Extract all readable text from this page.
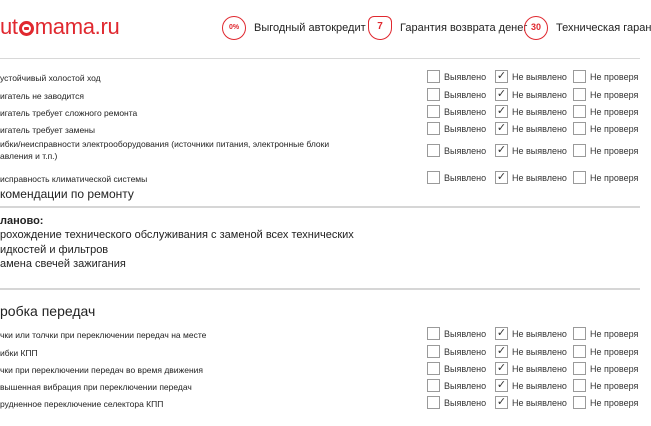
ut mama.ru	0%	Выгодный автокредит	7	Гарантия возврата денег 30	Техническая гаран
устойчивый холостой ход	Выявлено ✓ Не выявлено	Не проверя
игатель не заводится	Выявлено ✓ Не выявлено	Не проверя
игатель требует сложного ремонта	Выявлено ✓ Не выявлено	Не проверя
игатель требует замены	Выявлено ✓ Не выявлено	Не проверя
ибки/неисправности электрооборудования (источники питания, электронные блоки
авления и т.п.)	Выявлено ✓ Не выявлено	Не проверя
исправность климатической системы	Выявлено ✓ Не выявлено	Не проверя
комендации по ремонту
ланово:
рохождение технического обслуживания с заменой всех технических
идкостей и фильтров
амена свечей зажигания
робка передач
чки или толчки при переключении передач на месте	Выявлено ✓ Не выявлено	Не проверя
ибки КПП	Выявлено ✓ Не выявлено	Не проверя
чки при переключении передач во время движения	Выявлено ✓ Не выявлено	Не проверя
вышенная вибрация при переключении передач	Выявлено ✓ Не выявлено	Не проверя
рудненное переключение селектора КПП	Выявлено ✓ Не выявлено	Не проверя
